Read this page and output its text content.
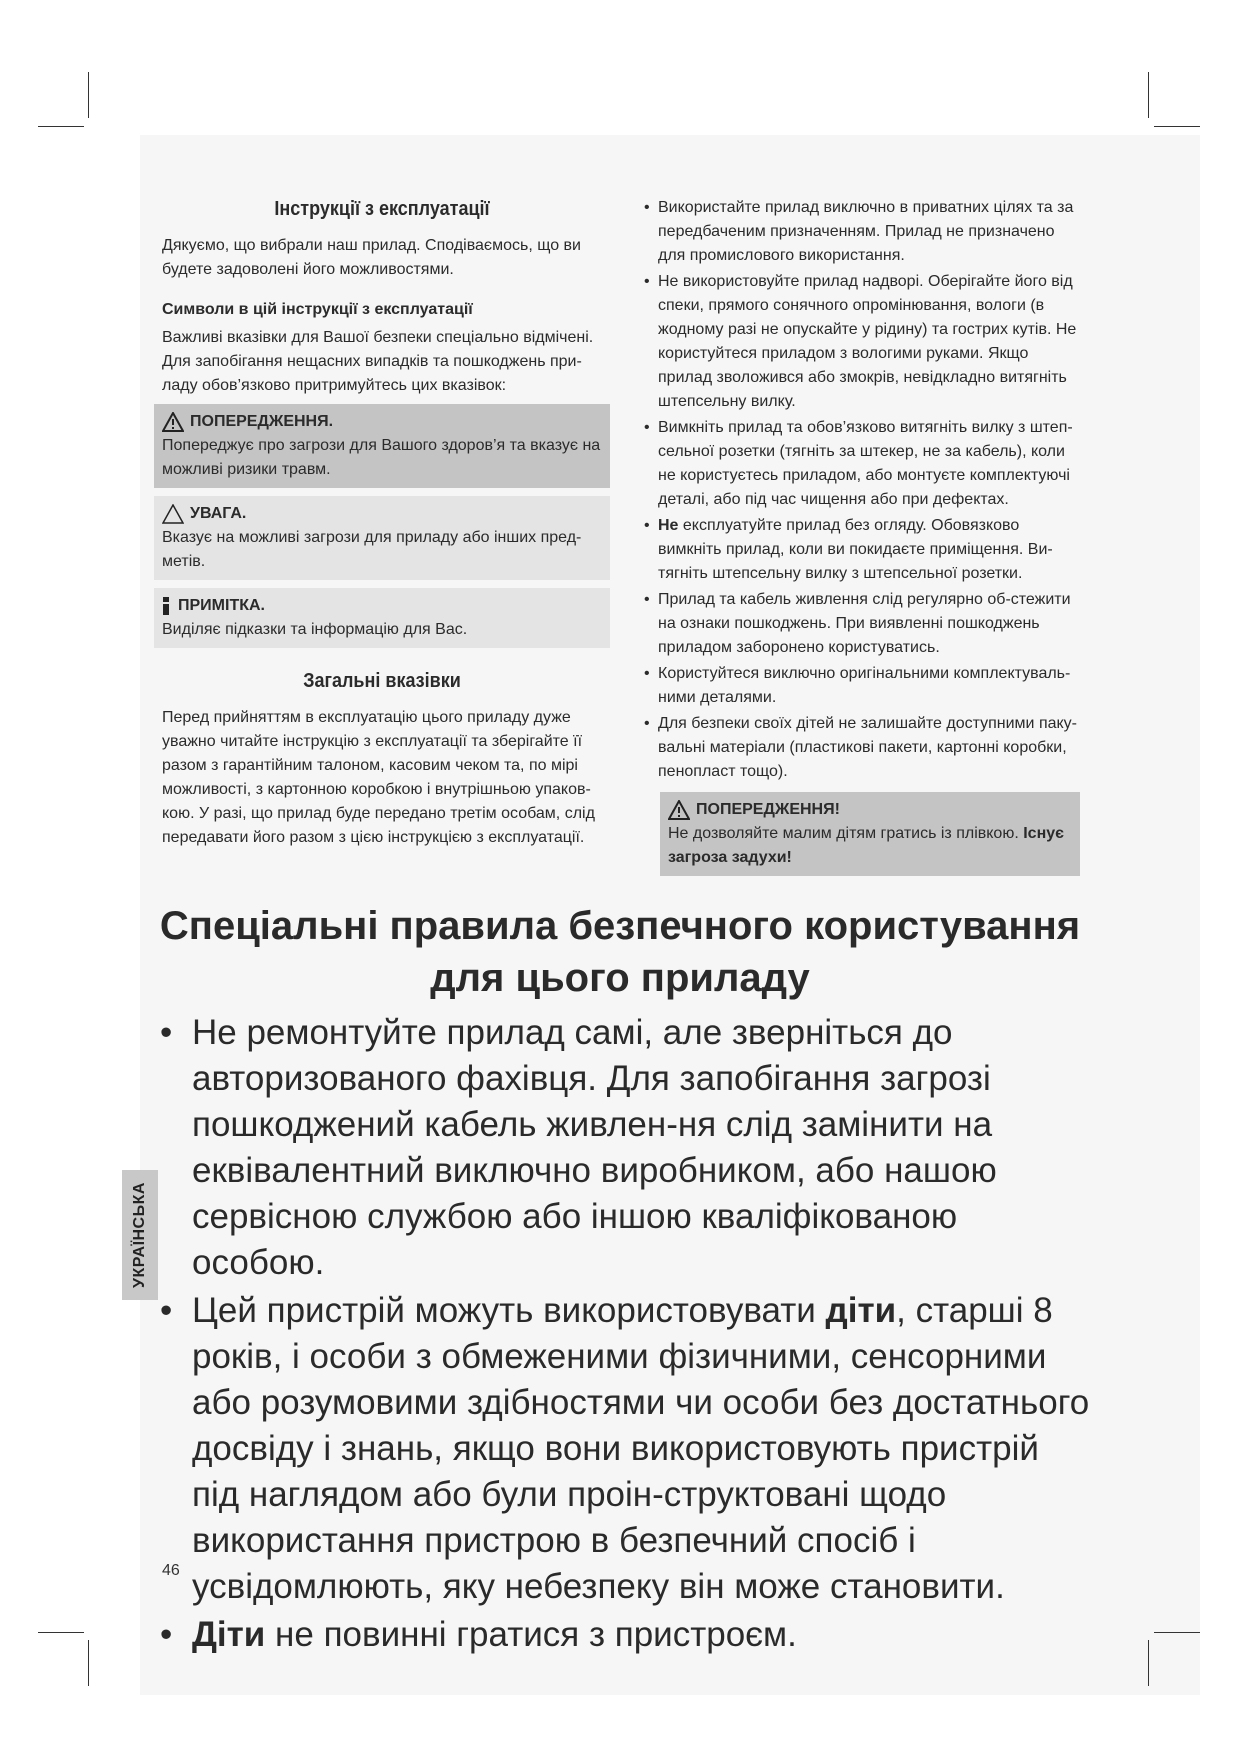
Інструкції з експлуатації

Дякуємо, що вибрали наш прилад. Сподіваємось, що ви будете задоволені його можливостями.

Символи в цій інструкції з експлуатації

Важливі вказівки для Вашої безпеки спеціально відмічені. Для запобігання нещасних випадків та пошкоджень при-ладу обов’язково притримуйтесь цих вказівок:

ПОПЕРЕДЖЕННЯ.
Попереджує про загрози для Вашого здоров’я та вказує на можливі ризики травм.
УВАГА.
Вказує на можливі загрози для приладу або інших пред-метів.
ПРИМІТКА.
Виділяє підказки та інформацію для Вас.
Загальні вказівки

Перед прийняттям в експлуатацію цього приладу дуже уважно читайте інструкцію з експлуатації та зберігайте її разом з гарантійним талоном, касовим чеком та, по мірі можливості, з картонною коробкою і внутрішньою упаков-кою. У разі, що прилад буде передано третім особам, слід передавати його разом з цією інструкцією з експлуатації.

• Використайте прилад виключно в приватних цілях та за передбаченим призначенням. Прилад не призначено для промислового використання.
• Не використовуйте прилад надворі. Оберігайте його від спеки, прямого сонячного опромінювання, вологи (в жодному разі не опускайте у рідину) та гострих кутів. Не користуйтеся приладом з вологими руками. Якщо прилад зволожився або змокрів, невідкладно витягніть штепсельну вилку.
• Вимкніть прилад та обов’язково витягніть вилку з штеп-сельної розетки (тягніть за штекер, не за кабель), коли не користуєтесь приладом, або монтуєте комплектуючі деталі, або під час чищення або при дефектах.
• Не експлуатуйте прилад без огляду. Обовязково вимкніть прилад, коли ви покидаєте приміщення. Ви-тягніть штепсельну вилку з штепсельної розетки.
• Прилад та кабель живлення слід регулярно об-стежити на ознаки пошкоджень. При виявленні пошкоджень приладом заборонено користуватись.
• Користуйтеся виключно оригінальними комплектуваль-ними деталями.
• Для безпеки своїх дітей не залишайте доступними паку-вальні матеріали (пластикові пакети, картонні коробки, пенопласт тощо).
ПОПЕРЕДЖЕННЯ!
Не дозволяйте малим дітям гратись із плівкою. Існує загроза задухи!
Спеціальні правила безпечного користування
для цього приладу
• Не ремонтуйте прилад самі, але зверніться до авторизованого фахівця. Для запобігання загрозі пошкоджений кабель живлен-ня слід замінити на еквівалентний виключно виробником, або нашою сервісною службою або іншою кваліфікованою особою.
• Цей пристрій можуть використовувати діти, старші 8 років, і особи з обмеженими фізичними, сенсорними або розумовими здібностями чи особи без достатнього досвіду і знань, якщо вони використовують пристрій під наглядом або були проін-структовані щодо використання пристрою в безпечний спосіб і усвідомлюють, яку небезпеку він може становити.
• Діти не повинні гратися з пристроєм.
УКРАЇНСЬКА
46
